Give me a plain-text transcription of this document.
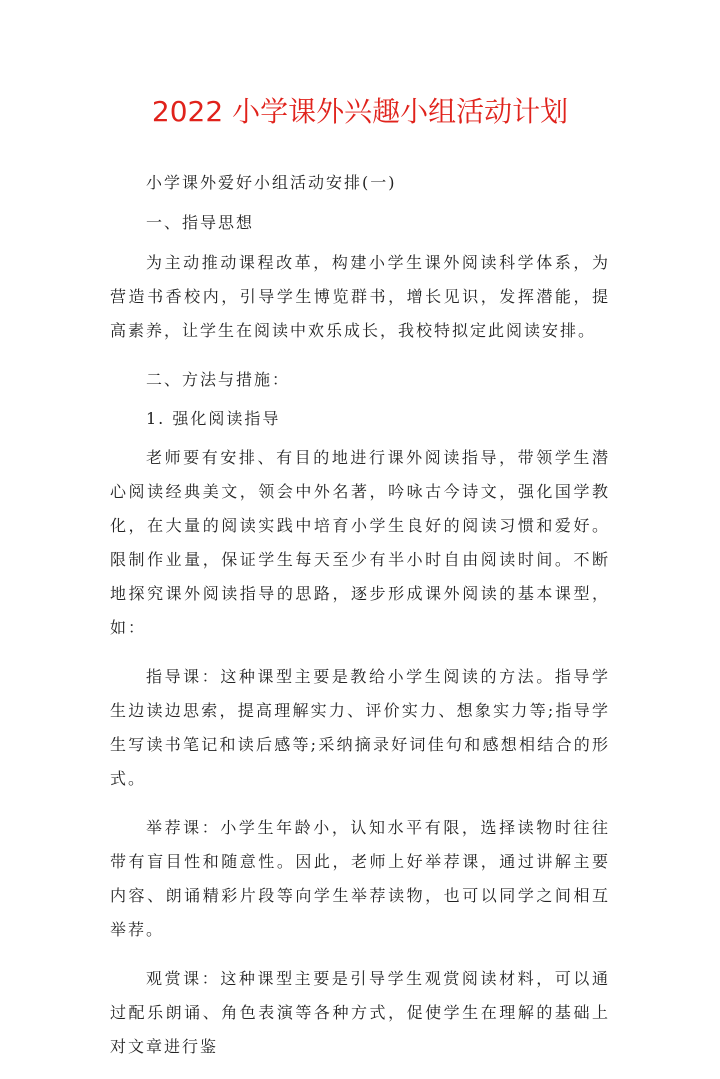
2022 小学课外兴趣小组活动计划

小学课外爱好小组活动安排(一)

一、指导思想

为主动推动课程改革，构建小学生课外阅读科学体系，为营造书香校内，引导学生博览群书，增长见识，发挥潜能，提高素养，让学生在阅读中欢乐成长，我校特拟定此阅读安排。

二、方法与措施：

1. 强化阅读指导

老师要有安排、有目的地进行课外阅读指导，带领学生潜心阅读经典美文，领会中外名著，吟咏古今诗文，强化国学教化，在大量的阅读实践中培育小学生良好的阅读习惯和爱好。限制作业量，保证学生每天至少有半小时自由阅读时间。不断地探究课外阅读指导的思路，逐步形成课外阅读的基本课型，如：

指导课：这种课型主要是教给小学生阅读的方法。指导学生边读边思索，提高理解实力、评价实力、想象实力等;指导学生写读书笔记和读后感等;采纳摘录好词佳句和感想相结合的形式。

举荐课：小学生年龄小，认知水平有限，选择读物时往往带有盲目性和随意性。因此，老师上好举荐课，通过讲解主要内容、朗诵精彩片段等向学生举荐读物，也可以同学之间相互举荐。

观赏课：这种课型主要是引导学生观赏阅读材料，可以通过配乐朗诵、角色表演等各种方式，促使学生在理解的基础上对文章进行鉴
